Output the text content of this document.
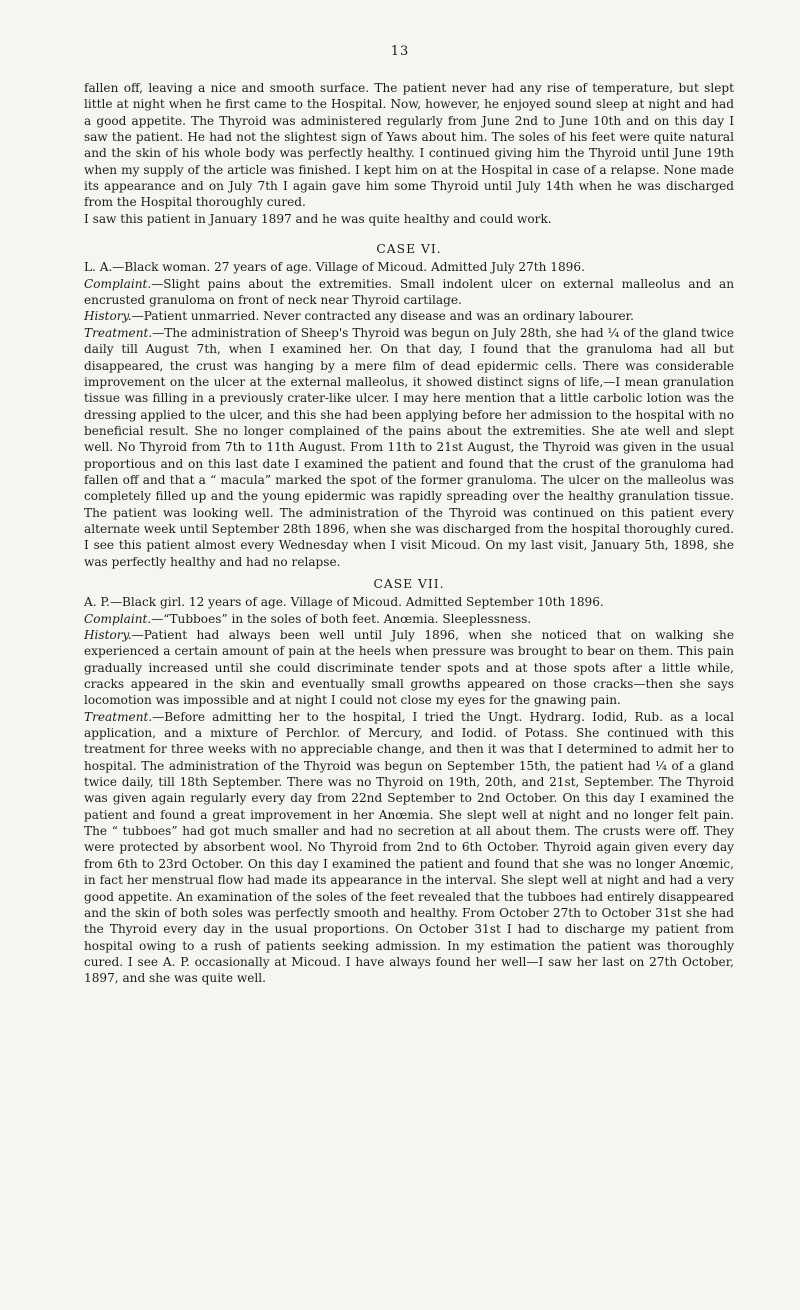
13

fallen off, leaving a nice and smooth surface. The patient never had any rise of temperature, but slept little at night when he first came to the Hospital. Now, however, he enjoyed sound sleep at night and had a good appetite. The Thyroid was administered regularly from June 2nd to June 10th and on this day I saw the patient. He had not the slightest sign of Yaws about him. The soles of his feet were quite natural and the skin of his whole body was perfectly healthy. I continued giving him the Thyroid until June 19th when my supply of the article was finished. I kept him on at the Hospital in case of a relapse. None made its appearance and on July 7th I again gave him some Thyroid until July 14th when he was discharged from the Hospital thoroughly cured.

I saw this patient in January 1897 and he was quite healthy and could work.

CASE VI.

L. A.—Black woman. 27 years of age. Village of Micoud. Admitted July 27th 1896.

Complaint.—Slight pains about the extremities. Small indolent ulcer on external malleolus and an encrusted granuloma on front of neck near Thyroid cartilage.

History.—Patient unmarried. Never contracted any disease and was an ordinary labourer.

Treatment.—The administration of Sheep's Thyroid was begun on July 28th, she had ¼ of the gland twice daily till August 7th, when I examined her. On that day, I found that the granuloma had all but disappeared, the crust was hanging by a mere film of dead epidermic cells. There was considerable improvement on the ulcer at the external malleolus, it showed distinct signs of life,—I mean granulation tissue was filling in a previously crater-like ulcer. I may here mention that a little carbolic lotion was the dressing applied to the ulcer, and this she had been applying before her admission to the hospital with no beneficial result. She no longer complained of the pains about the extremities. She ate well and slept well. No Thyroid from 7th to 11th August. From 11th to 21st August, the Thyroid was given in the usual proportious and on this last date I examined the patient and found that the crust of the granuloma had fallen off and that a “ macula” marked the spot of the former granuloma. The ulcer on the malleolus was completely filled up and the young epidermic was rapidly spreading over the healthy granulation tissue. The patient was looking well. The administration of the Thyroid was continued on this patient every alternate week until September 28th 1896, when she was discharged from the hospital thoroughly cured. I see this patient almost every Wednesday when I visit Micoud. On my last visit, January 5th, 1898, she was perfectly healthy and had no relapse.

CASE VII.

A. P.—Black girl. 12 years of age. Village of Micoud. Admitted September 10th 1896.

Complaint.—“Tubboes” in the soles of both feet. Anœmia. Sleeplessness.

History.—Patient had always been well until July 1896, when she noticed that on walking she experienced a certain amount of pain at the heels when pressure was brought to bear on them. This pain gradually increased until she could discriminate tender spots and at those spots after a little while, cracks appeared in the skin and eventually small growths appeared on those cracks—then she says locomotion was impossible and at night I could not close my eyes for the gnawing pain.

Treatment.—Before admitting her to the hospital, I tried the Ungt. Hydrarg. Iodid, Rub. as a local application, and a mixture of Perchlor. of Mercury, and Iodid. of Potass. She continued with this treatment for three weeks with no appreciable change, and then it was that I determined to admit her to hospital. The administration of the Thyroid was begun on September 15th, the patient had ¼ of a gland twice daily, till 18th September. There was no Thyroid on 19th, 20th, and 21st, September. The Thyroid was given again regularly every day from 22nd September to 2nd October. On this day I examined the patient and found a great improvement in her Anœmia. She slept well at night and no longer felt pain. The “ tubboes” had got much smaller and had no secretion at all about them. The crusts were off. They were protected by absorbent wool. No Thyroid from 2nd to 6th October. Thyroid again given every day from 6th to 23rd October. On this day I examined the patient and found that she was no longer Anœmic, in fact her menstrual flow had made its appearance in the interval. She slept well at night and had a very good appetite. An examination of the soles of the feet revealed that the tubboes had entirely disappeared and the skin of both soles was perfectly smooth and healthy. From October 27th to October 31st she had the Thyroid every day in the usual proportions. On October 31st I had to discharge my patient from hospital owing to a rush of patients seeking admission. In my estimation the patient was thoroughly cured. I see A. P. occasionally at Micoud. I have always found her well—I saw her last on 27th October, 1897, and she was quite well.
